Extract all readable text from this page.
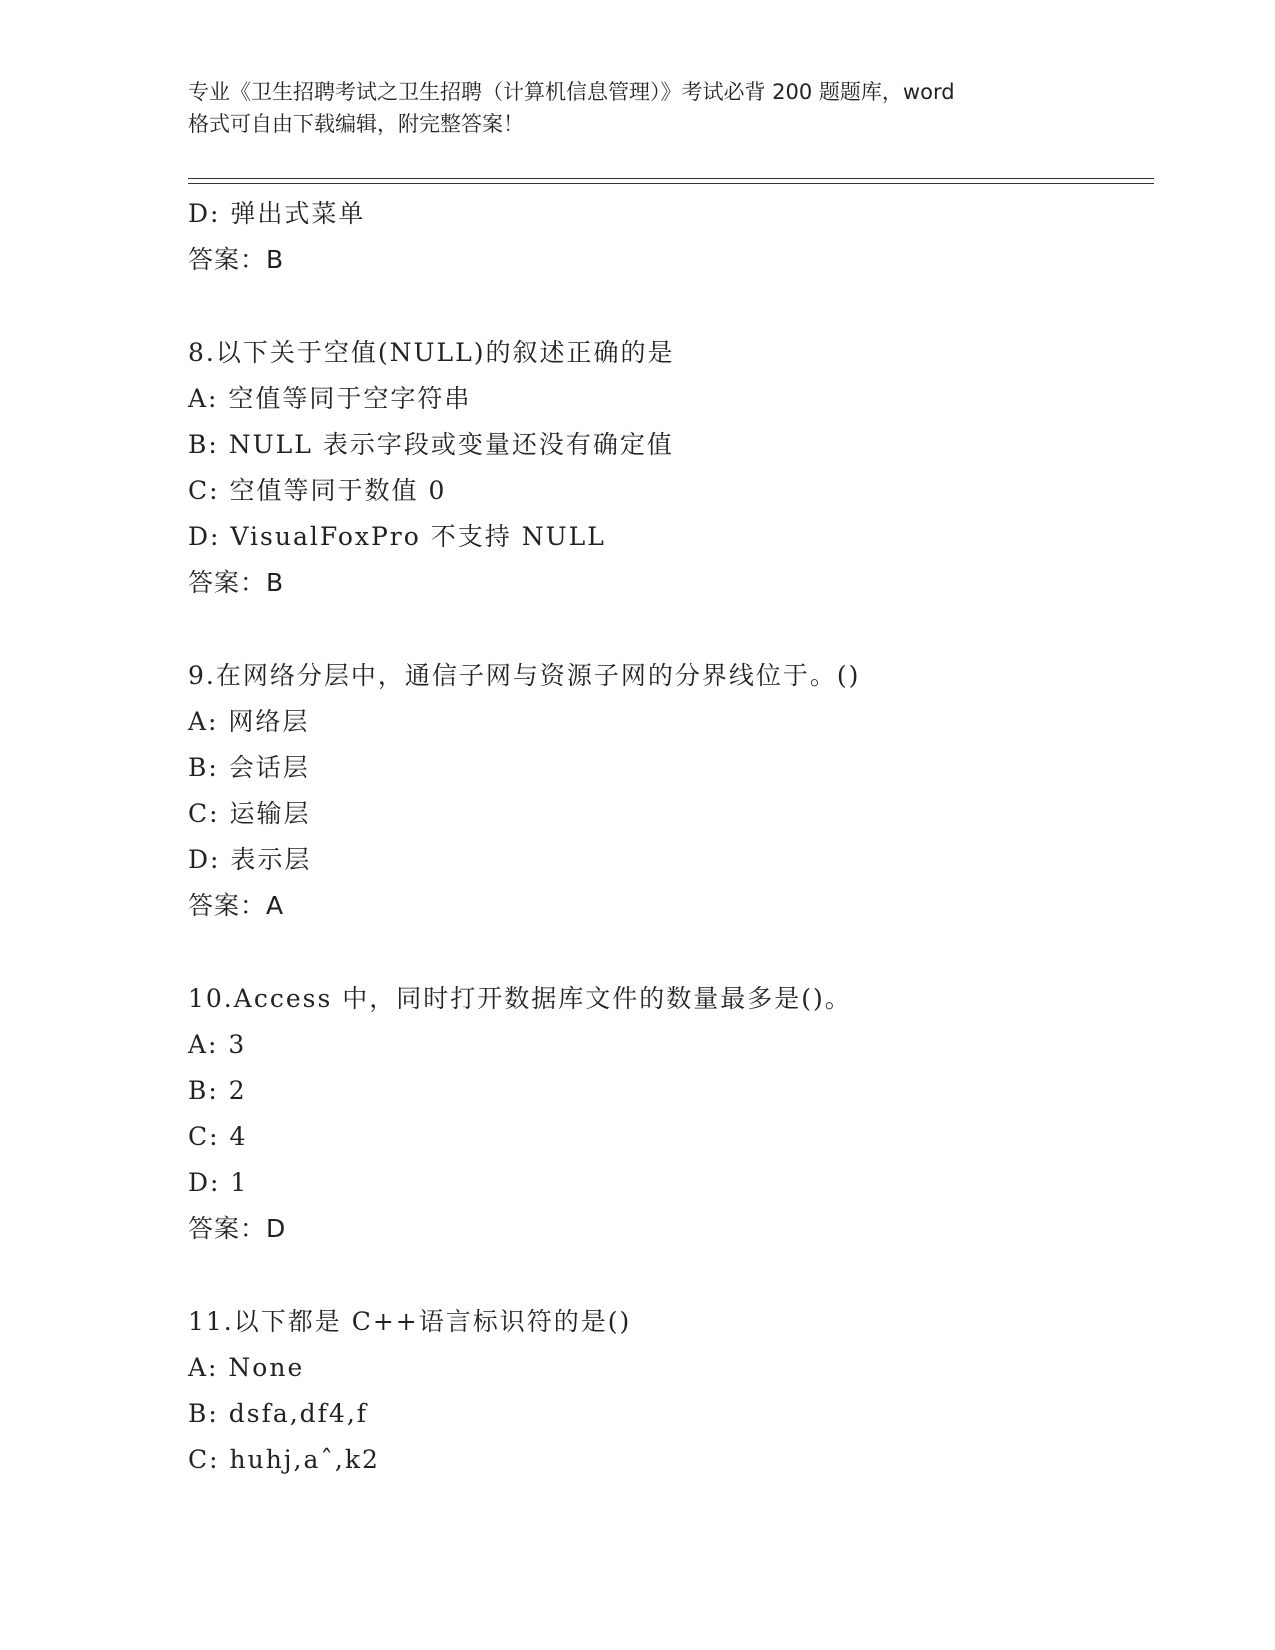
专业《卫生招聘考试之卫生招聘（计算机信息管理）》考试必背 200 题题库，word
格式可自由下载编辑，附完整答案！
D: 弹出式菜单
答案：B
8.以下关于空值(NULL)的叙述正确的是
A: 空值等同于空字符串
B: NULL 表示字段或变量还没有确定值
C: 空值等同于数值 0
D: VisualFoxPro 不支持 NULL
答案：B
9.在网络分层中，通信子网与资源子网的分界线位于。()
A: 网络层
B: 会话层
C: 运输层
D: 表示层
答案：A
10.Access 中，同时打开数据库文件的数量最多是()。
A: 3
B: 2
C: 4
D: 1
答案：D
11.以下都是 C++语言标识符的是()
A: None
B: dsfa,df4,f
C: huhj,aˆ,k2
